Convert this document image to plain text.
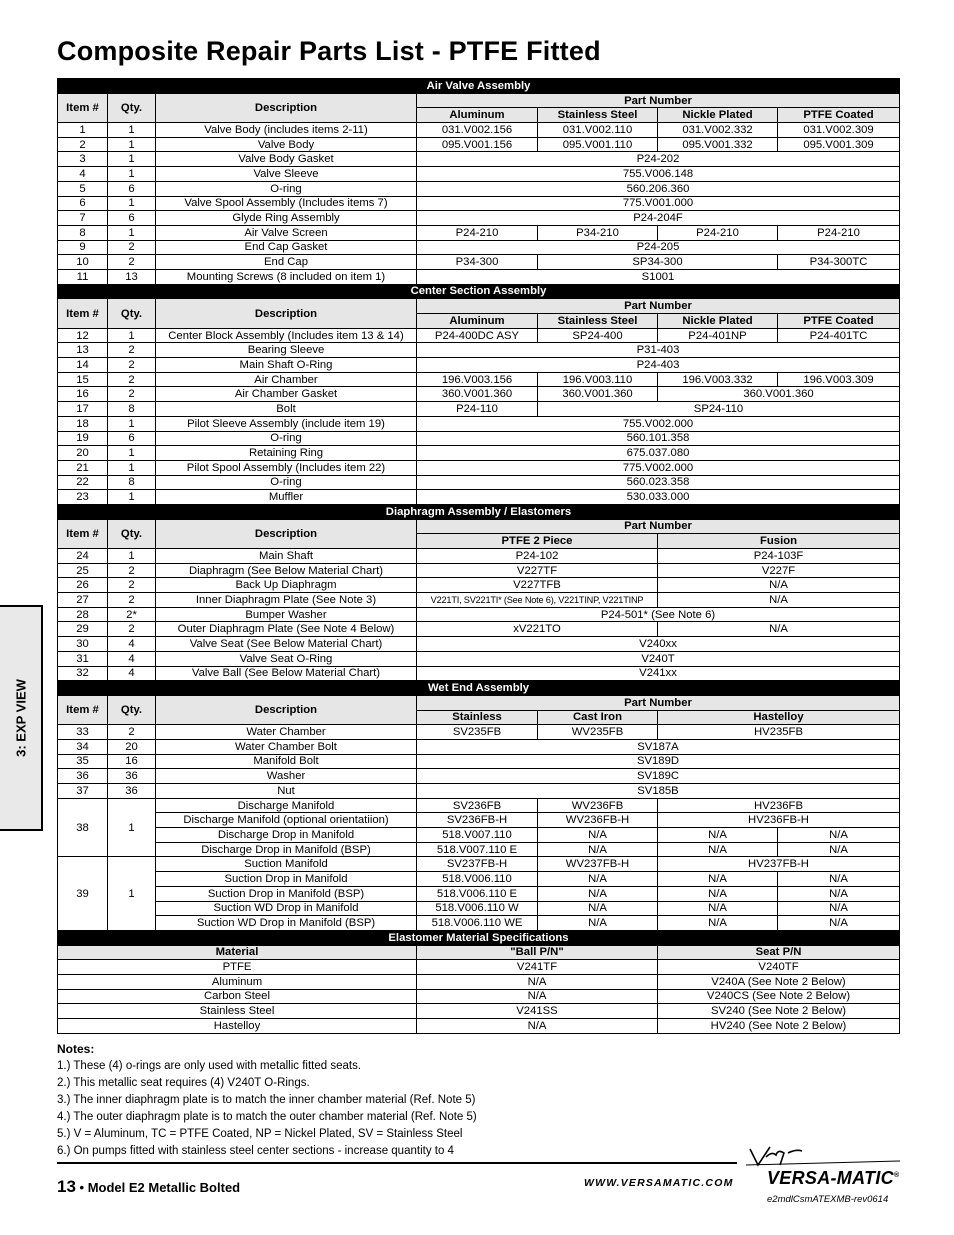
Composite Repair Parts List - PTFE Fitted
3: EXP VIEW
Air Valve Assembly						
Item #	Qty.	Description	Part Number			
			Aluminum	Stainless Steel	Nickle Plated	PTFE Coated
1	1	Valve Body (includes items 2-11)	031.V002.156	031.V002.110	031.V002.332	031.V002.309
2	1	Valve Body	095.V001.156	095.V001.110	095.V001.332	095.V001.309
3	1	Valve Body Gasket	P24-202			
4	1	Valve Sleeve	755.V006.148			
5	6	O-ring	560.206.360			
6	1	Valve Spool Assembly (Includes items 7)	775.V001.000			
7	6	Glyde Ring Assembly	P24-204F			
8	1	Air Valve Screen	P24-210	P34-210	P24-210	P24-210
9	2	End Cap Gasket	P24-205			
10	2	End Cap	P34-300	SP34-300		P34-300TC
11	13	Mounting Screws (8 included on item 1)	S1001			
Center Section Assembly						
Item #	Qty.	Description	Part Number			
			Aluminum	Stainless Steel	Nickle Plated	PTFE Coated
12	1	Center Block Assembly (Includes item 13 & 14)	P24-400DC ASY	SP24-400	P24-401NP	P24-401TC
13	2	Bearing Sleeve	P31-403			
14	2	Main Shaft O-Ring	P24-403			
15	2	Air Chamber	196.V003.156	196.V003.110	196.V003.332	196.V003.309
16	2	Air Chamber Gasket	360.V001.360	360.V001.360	360.V001.360	
17	8	Bolt	P24-110	SP24-110		
18	1	Pilot Sleeve Assembly (include item 19)	755.V002.000			
19	6	O-ring	560.101.358			
20	1	Retaining Ring	675.037.080			
21	1	Pilot Spool Assembly (Includes item 22)	775.V002.000			
22	8	O-ring	560.023.358			
23	1	Muffler	530.033.000			
Diaphragm Assembly / Elastomers						
Item #	Qty.	Description	Part Number			
			PTFE 2 Piece		Fusion	
24	1	Main Shaft	P24-102		P24-103F	
25	2	Diaphragm (See Below Material Chart)	V227TF		V227F	
26	2	Back Up Diaphragm	V227TFB		N/A	
27	2	Inner Diaphragm Plate (See Note 3)	V221TI, SV221TI* (See Note 6), V221TINP, V221TINP		N/A	
28	2*	Bumper Washer	P24-501* (See Note 6)			
29	2	Outer Diaphragm Plate (See Note 4 Below)	xV221TO		N/A	
30	4	Valve Seat (See Below Material Chart)	V240xx			
31	4	Valve Seat O-Ring	V240T			
32	4	Valve Ball (See Below Material Chart)	V241xx			
Wet End Assembly						
Item #	Qty.	Description	Part Number			
			Stainless	Cast Iron	Hastelloy	
33	2	Water Chamber	SV235FB	WV235FB	HV235FB	
34	20	Water Chamber Bolt	SV187A			
35	16	Manifold Bolt	SV189D			
36	36	Washer	SV189C			
37	36	Nut	SV185B			
38	1	Discharge Manifold	SV236FB	WV236FB	HV236FB	
		Discharge Manifold (optional orientatiion)	SV236FB-H	WV236FB-H	HV236FB-H	
		Discharge Drop in Manifold	518.V007.110	N/A	N/A	N/A
		Discharge Drop in Manifold (BSP)	518.V007.110 E	N/A	N/A	N/A
39	1	Suction Manifold	SV237FB-H	WV237FB-H	HV237FB-H	
		Suction Drop in Manifold	518.V006.110	N/A	N/A	N/A
		Suction Drop in Manifold (BSP)	518.V006.110 E	N/A	N/A	N/A
		Suction WD Drop in Manifold	518.V006.110 W	N/A	N/A	N/A
		Suction WD Drop in Manifold (BSP)	518.V006.110 WE	N/A	N/A	N/A
Elastomer Material Specifications						
Material			"Ball P/N"		Seat P/N	
PTFE			V241TF		V240TF	
Aluminum			N/A		V240A (See Note 2 Below)	
Carbon Steel			N/A		V240CS (See Note 2 Below)	
Stainless Steel			V241SS		SV240 (See Note 2 Below)	
Hastelloy			N/A		HV240 (See Note 2 Below)	
Notes:
1.) These (4) o-rings are only used with metallic fitted seats.
2.) This metallic seat requires (4) V240T O-Rings.
3.) The inner diaphragm plate is to match the inner chamber material (Ref. Note 5)
4.) The outer diaphragm plate is to match the outer chamber material (Ref. Note 5)
5.) V = Aluminum, TC = PTFE Coated, NP = Nickel Plated, SV = Stainless Steel
6.) On pumps fitted with stainless steel center sections - increase quantity to 4
13 • Model E2 Metallic Bolted	WWW.VERSAMATIC.COM VERSA-MATIC®
e2mdlCsmATEXMB-rev0614
